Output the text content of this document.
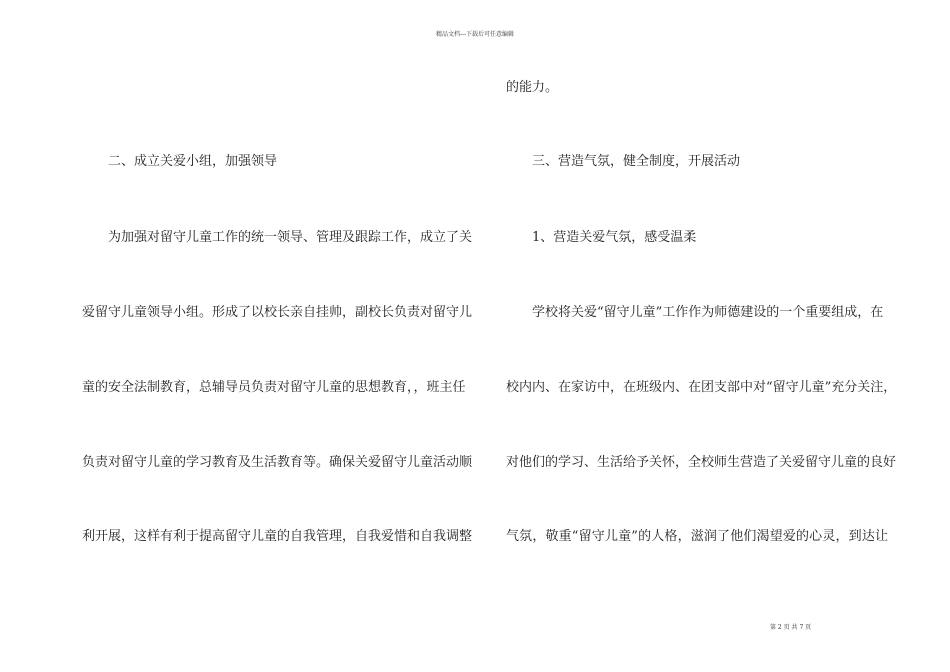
精品文档---下载后可任意编辑
二、成立关爱小组，加强领导
为加强对留守儿童工作的统一领导、管理及跟踪工作，成立了关
爱留守儿童领导小组。形成了以校长亲自挂帅，副校长负责对留守儿
童的安全法制教育，总辅导员负责对留守儿童的思想教育，，班主任
负责对留守儿童的学习教育及生活教育等。确保关爱留守儿童活动顺
利开展，这样有利于提高留守儿童的自我管理，自我爱惜和自我调整
的能力。
三、营造气氛，健全制度，开展活动
1、营造关爱气氛，感受温柔
学校将关爱“留守儿童”工作作为师德建设的一个重要组成，在
校内内、在家访中，在班级内、在团支部中对“留守儿童”充分关注，
对他们的学习、生活给予关怀，全校师生营造了关爱留守儿童的良好
气氛，敬重“留守儿童”的人格，滋润了他们渴望爱的心灵，到达让
第 2 页 共 7 页
